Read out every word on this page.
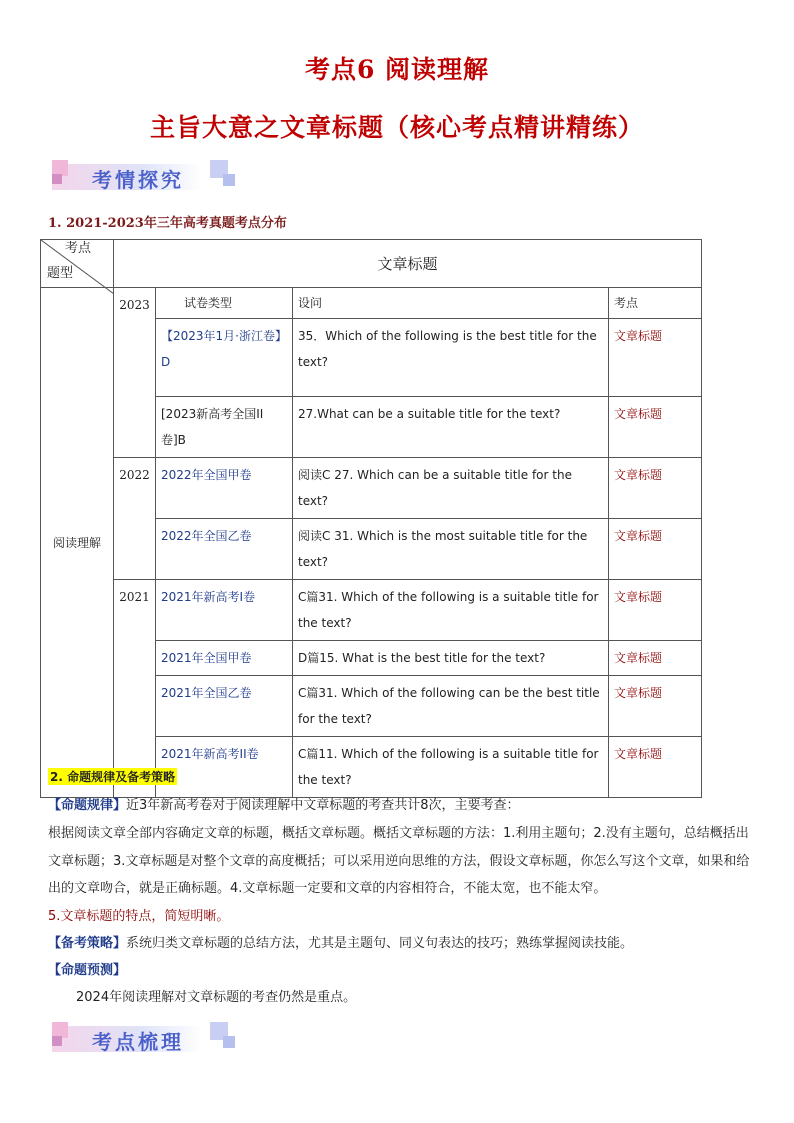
考点6 阅读理解
主旨大意之文章标题（核心考点精讲精练）
考情探究
1. 2021-2023年三年高考真题考点分布
考点
题型	文章标题			
阅读理解	2023	试卷类型	设问	考点
		【2023年1月·浙江卷】D	35．Which of the following is the best title for the text?	文章标题
		[2023新高考全国II卷]B	27.What can be a suitable title for the text?	文章标题
	2022	2022年全国甲卷	阅读C 27. Which can be a suitable title for the text?	文章标题
		2022年全国乙卷	阅读C 31. Which is the most suitable title for the text?	文章标题
	2021	2021年新高考I卷	C篇31. Which of the following is a suitable title for the text?	文章标题
		2021年全国甲卷	D篇15. What is the best title for the text?	文章标题
		2021年全国乙卷	C篇31. Which of the following can be the best title for the text?	文章标题
		2021年新高考II卷	C篇11. Which of the following is a suitable title for the text?	文章标题
2. 命题规律及备考策略
【命题规律】近3年新高考卷对于阅读理解中文章标题的考查共计8次，主要考查：
根据阅读文章全部内容确定文章的标题，概括文章标题。概括文章标题的方法：1.利用主题句；2.没有主题句，总结概括出文章标题；3.文章标题是对整个文章的高度概括；可以采用逆向思维的方法，假设文章标题，你怎么写这个文章，如果和给出的文章吻合，就是正确标题。4.文章标题一定要和文章的内容相符合，不能太宽，也不能太窄。
5.文章标题的特点，简短明晰。
【备考策略】系统归类文章标题的总结方法，尤其是主题句、同义句表达的技巧；熟练掌握阅读技能。
【命题预测】
2024年阅读理解对文章标题的考查仍然是重点。
考点梳理
